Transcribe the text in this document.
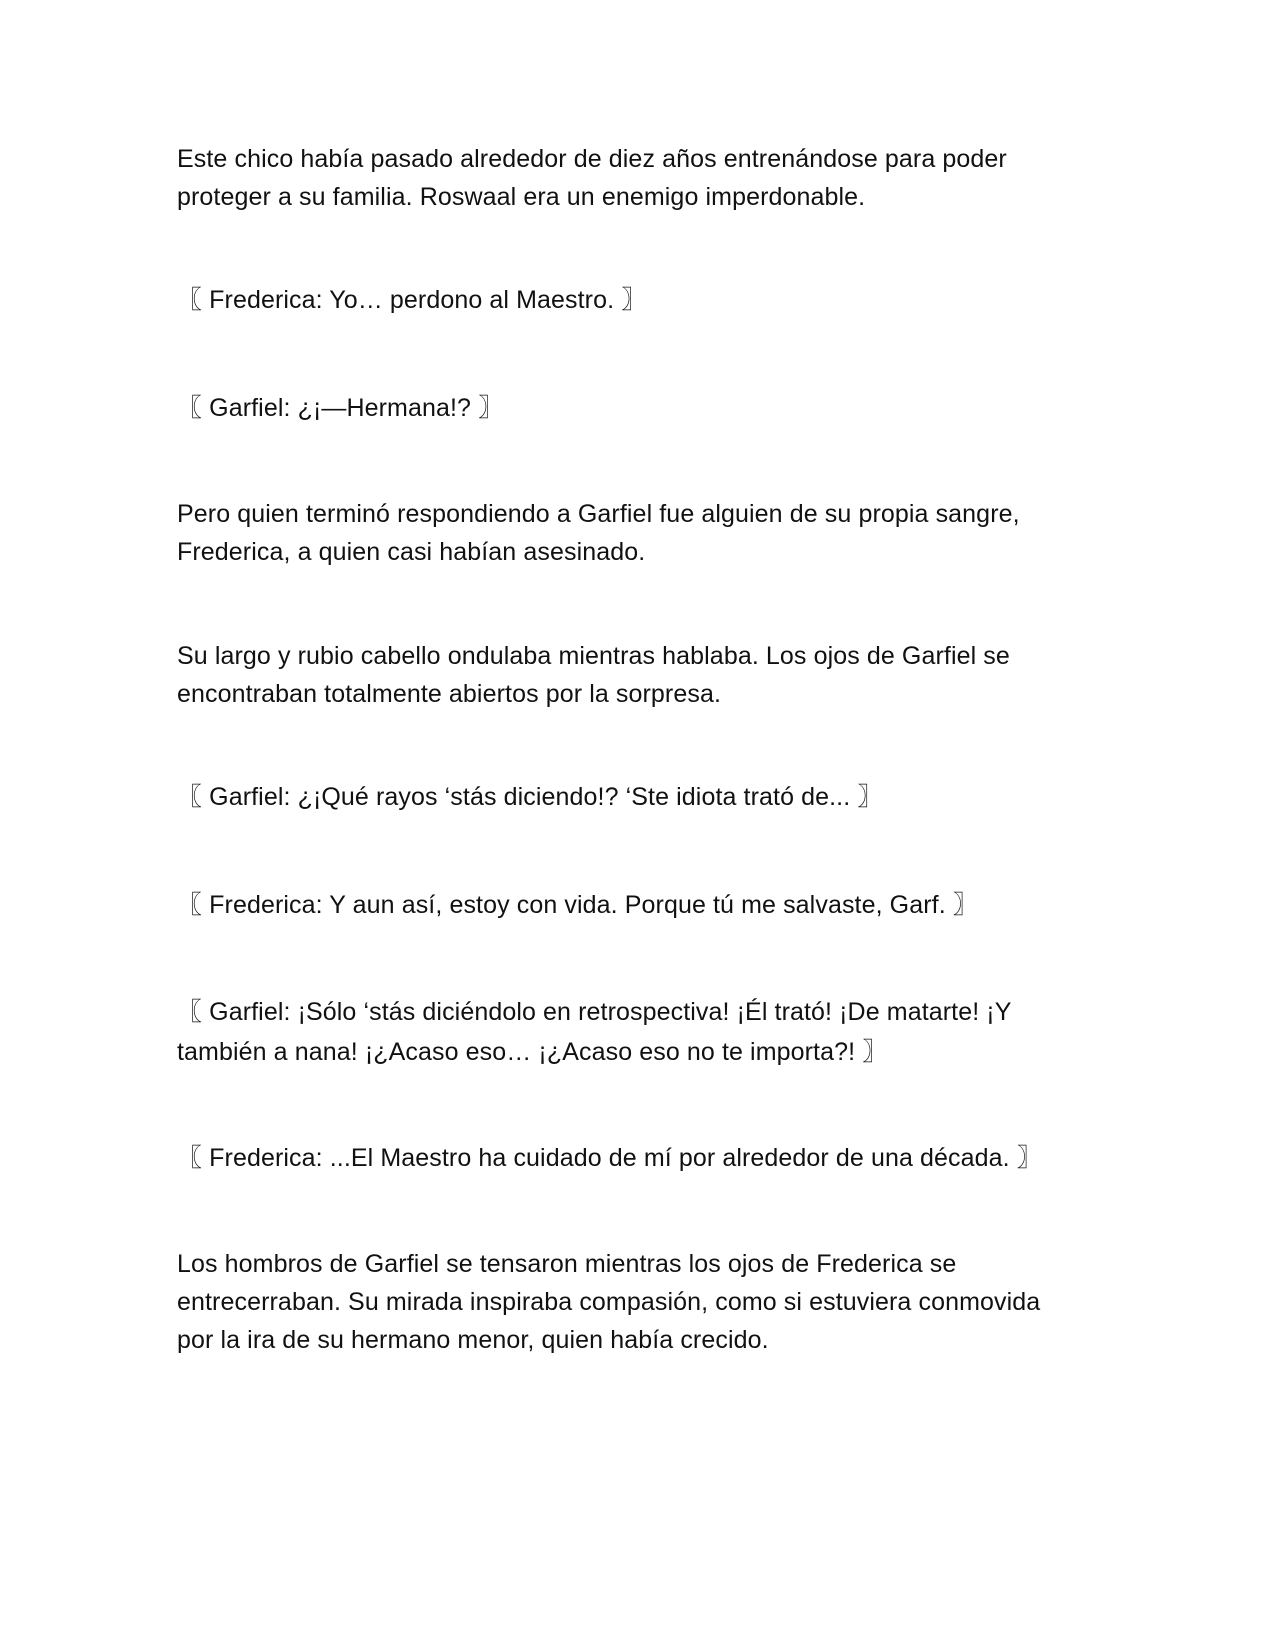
Este chico había pasado alrededor de diez años entrenándose para poder
proteger a su familia. Roswaal era un enemigo imperdonable.
〖 Frederica: Yo… perdono al Maestro. 〗
〖 Garfiel: ¿¡—Hermana!? 〗
Pero quien terminó respondiendo a Garfiel fue alguien de su propia sangre,
Frederica, a quien casi habían asesinado.
Su largo y rubio cabello ondulaba mientras hablaba. Los ojos de Garfiel se
encontraban totalmente abiertos por la sorpresa.
〖 Garfiel: ¿¡Qué rayos ‘stás diciendo!? ‘Ste idiota trató de... 〗
〖 Frederica: Y aun así, estoy con vida. Porque tú me salvaste, Garf. 〗
〖 Garfiel: ¡Sólo ‘stás diciéndolo en retrospectiva! ¡Él trató! ¡De matarte! ¡Y
también a nana! ¡¿Acaso eso… ¡¿Acaso eso no te importa?! 〗
〖 Frederica: ...El Maestro ha cuidado de mí por alrededor de una década. 〗
Los hombros de Garfiel se tensaron mientras los ojos de Frederica se
entrecerraban. Su mirada inspiraba compasión, como si estuviera conmovida
por la ira de su hermano menor, quien había crecido.
